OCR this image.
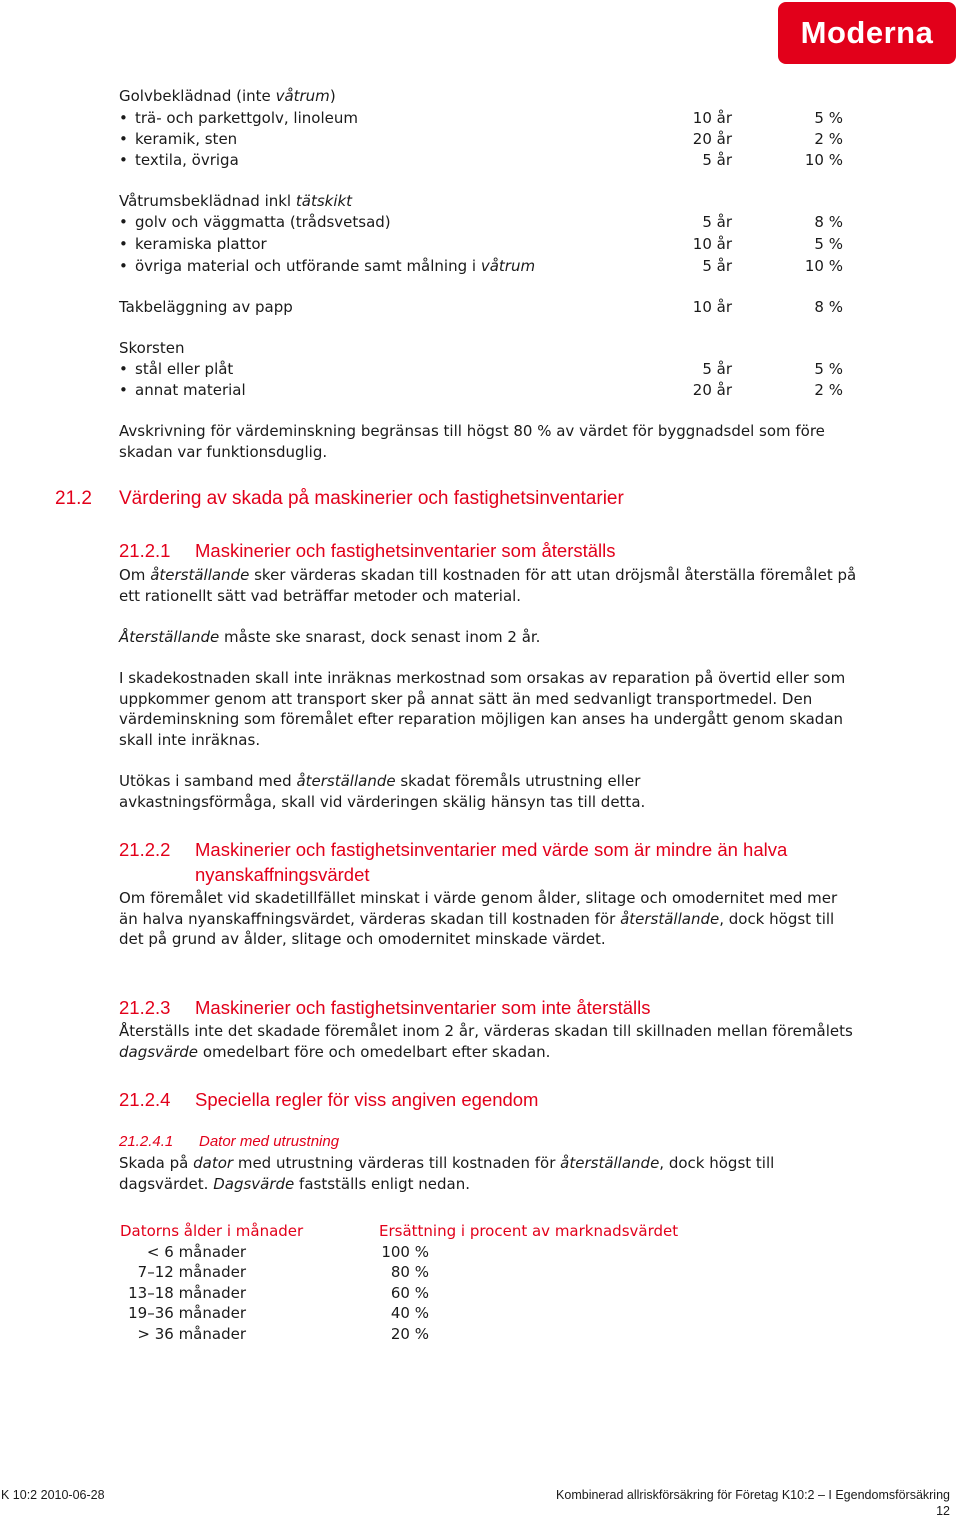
Moderna
Golvbeklädnad (inte våtrum)
• trä- och parkettgolv, linoleum	10 år	5 %
• keramik, sten	20 år	2 %
• textila, övriga	5 år	10 %
Våtrumsbeklädnad inkl tätskikt
• golv och väggmatta (trådsvetsad)	5 år	8 %
• keramiska plattor	10 år	5 %
• övriga material och utförande samt målning i våtrum	5 år	10 %
Takbeläggning av papp	10 år	8 %
Skorsten
• stål eller plåt	5 år	5 %
• annat material	20 år	2 %
Avskrivning för värdeminskning begränsas till högst 80 % av värdet för byggnadsdel som före skadan var funktionsduglig.
21.2 Värdering av skada på maskinerier och fastighetsinventarier
21.2.1 Maskinerier och fastighetsinventarier som återställs
Om återställande sker värderas skadan till kostnaden för att utan dröjsmål återställa föremålet på ett rationellt sätt vad beträffar metoder och material.
Återställande måste ske snarast, dock senast inom 2 år.
I skadekostnaden skall inte inräknas merkostnad som orsakas av reparation på övertid eller som uppkommer genom att transport sker på annat sätt än med sedvanligt transportmedel. Den värdeminskning som föremålet efter reparation möjligen kan anses ha undergått genom skadan skall inte inräknas.
Utökas i samband med återställande skadat föremåls utrustning eller avkastningsförmåga, skall vid värderingen skälig hänsyn tas till detta.
21.2.2 Maskinerier och fastighetsinventarier med värde som är mindre än halva
nyanskaffningsvärdet
Om föremålet vid skadetillfället minskat i värde genom ålder, slitage och omodernitet med mer än halva nyanskaffningsvärdet, värderas skadan till kostnaden för återställande, dock högst till det på grund av ålder, slitage och omodernitet minskade värdet.
21.2.3 Maskinerier och fastighetsinventarier som inte återställs
Återställs inte det skadade föremålet inom 2 år, värderas skadan till skillnaden mellan föremålets dagsvärde omedelbart före och omedelbart efter skadan.
21.2.4 Speciella regler för viss angiven egendom
21.2.4.1 Dator med utrustning
Skada på dator med utrustning värderas till kostnaden för återställande, dock högst till dagsvärdet. Dagsvärde fastställs enligt nedan.
Datorns ålder i månader	Ersättning i procent av marknadsvärdet
< 6 månader	100 %
7–12 månader	80 %
13–18 månader	60 %
19–36 månader	40 %
> 36 månader	20 %
K 10:2 2010-06-28	Kombinerad allriskförsäkring för Företag K10:2 – I Egendomsförsäkring
12
